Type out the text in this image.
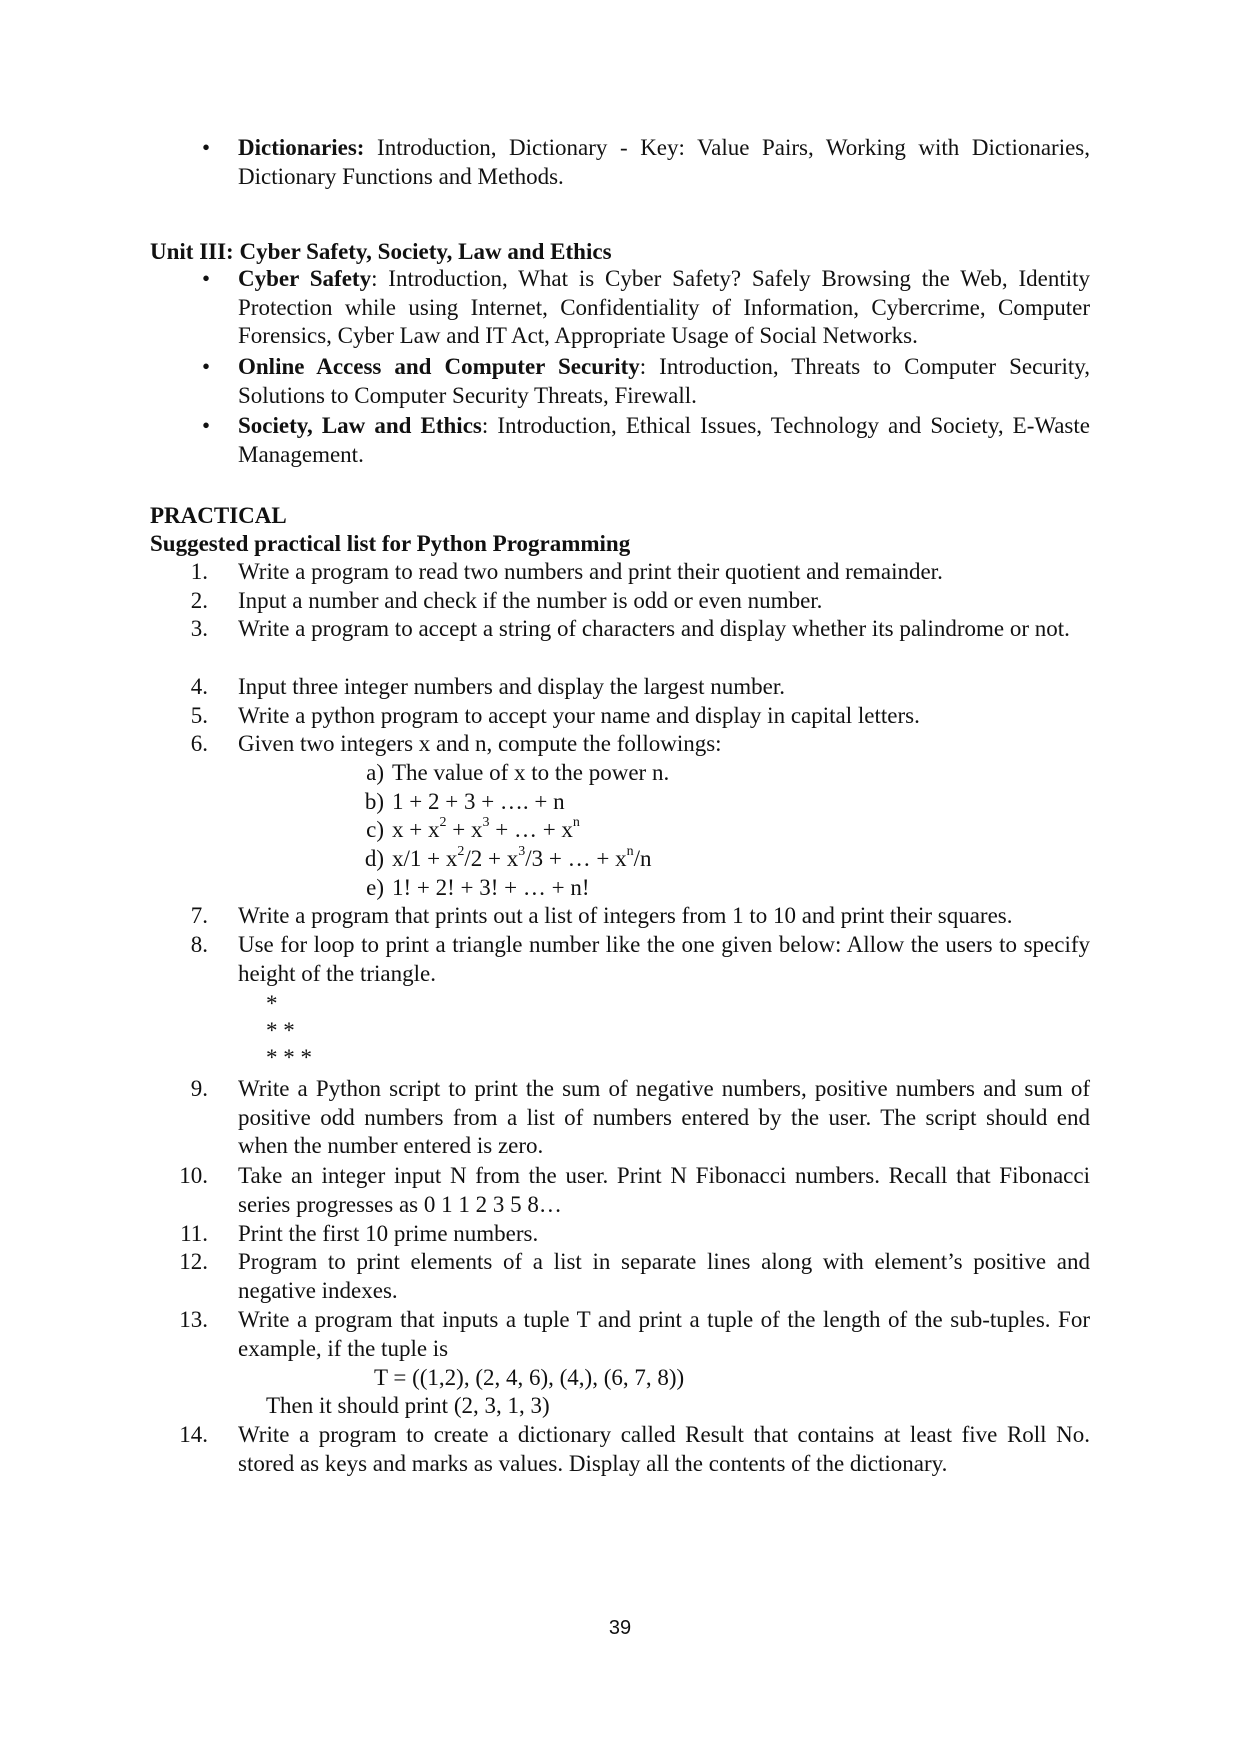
• Dictionaries: Introduction, Dictionary - Key: Value Pairs, Working with Dictionaries, Dictionary Functions and Methods.
Unit III: Cyber Safety, Society, Law and Ethics
• Cyber Safety: Introduction, What is Cyber Safety? Safely Browsing the Web, Identity Protection while using Internet, Confidentiality of Information, Cybercrime, Computer Forensics, Cyber Law and IT Act, Appropriate Usage of Social Networks.
• Online Access and Computer Security: Introduction, Threats to Computer Security, Solutions to Computer Security Threats, Firewall.
• Society, Law and Ethics: Introduction, Ethical Issues, Technology and Society, E-Waste Management.
PRACTICAL
Suggested practical list for Python Programming
1. Write a program to read two numbers and print their quotient and remainder.
2. Input a number and check if the number is odd or even number.
3. Write a program to accept a string of characters and display whether its palindrome or not.
4. Input three integer numbers and display the largest number.
5. Write a python program to accept your name and display in capital letters.
6. Given two integers x and n, compute the followings:
a) The value of x to the power n.
b) 1 + 2 + 3 + …. + n
c) $x + x^2 + x^3$ + … + $x^n$
d) $x/1 + x^2/2 + x^3/3$ + … + $x^n/n$
e) 1! + 2! + 3! + … + n!
7. Write a program that prints out a list of integers from 1 to 10 and print their squares.
8. Use for loop to print a triangle number like the one given below: Allow the users to specify height of the triangle.
*
* *
* * *
9. Write a Python script to print the sum of negative numbers, positive numbers and sum of positive odd numbers from a list of numbers entered by the user. The script should end when the number entered is zero.
10. Take an integer input N from the user. Print N Fibonacci numbers. Recall that Fibonacci series progresses as 0 1 1 2 3 5 8…
11. Print the first 10 prime numbers.
12. Program to print elements of a list in separate lines along with element’s positive and negative indexes.
13. Write a program that inputs a tuple T and print a tuple of the length of the sub-tuples. For example, if the tuple is
T = ((1,2), (2, 4, 6), (4,), (6, 7, 8))
Then it should print (2, 3, 1, 3)
14. Write a program to create a dictionary called Result that contains at least five Roll No. stored as keys and marks as values. Display all the contents of the dictionary.
39
